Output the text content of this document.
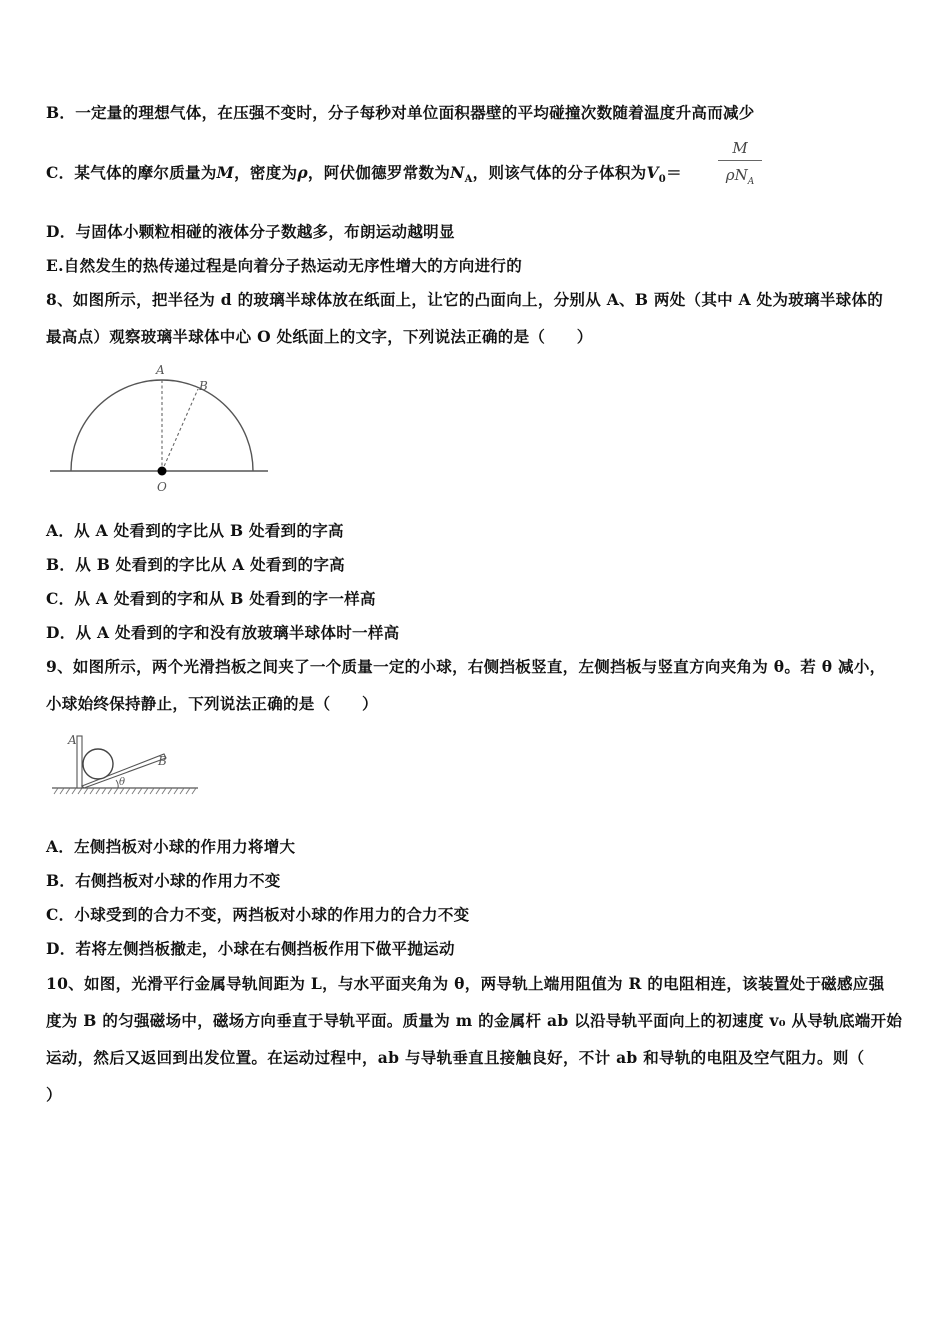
B．一定量的理想气体，在压强不变时，分子每秒对单位面积器壁的平均碰撞次数随着温度升高而减少
C．某气体的摩尔质量为M，密度为ρ，阿伏伽德罗常数为$N_A$，则该气体的分子体积为$V_0=$
M
$\rho N_A$
D．与固体小颗粒相碰的液体分子数越多，布朗运动越明显
E.自然发生的热传递过程是向着分子热运动无序性增大的方向进行的
8、如图所示，把半径为 d 的玻璃半球体放在纸面上，让它的凸面向上，分别从 A、B 两处（其中 A 处为玻璃半球体的
最高点）观察玻璃半球体中心 O 处纸面上的文字，下列说法正确的是（　　）
A
B
O
A．从 A 处看到的字比从 B 处看到的字高
B．从 B 处看到的字比从 A 处看到的字高
C．从 A 处看到的字和从 B 处看到的字一样高
D．从 A 处看到的字和没有放玻璃半球体时一样高
9、如图所示，两个光滑挡板之间夹了一个质量一定的小球，右侧挡板竖直，左侧挡板与竖直方向夹角为 θ。若 θ 减小，
小球始终保持静止，下列说法正确的是（　　）
A
B
θ
A．左侧挡板对小球的作用力将增大
B．右侧挡板对小球的作用力不变
C．小球受到的合力不变，两挡板对小球的作用力的合力不变
D．若将左侧挡板撤走，小球在右侧挡板作用下做平抛运动
10、如图，光滑平行金属导轨间距为 L，与水平面夹角为 θ，两导轨上端用阻值为 R 的电阻相连，该装置处于磁感应强
度为 B 的匀强磁场中，磁场方向垂直于导轨平面。质量为 m 的金属杆 ab 以沿导轨平面向上的初速度 v₀ 从导轨底端开始
运动，然后又返回到出发位置。在运动过程中，ab 与导轨垂直且接触良好，不计 ab 和导轨的电阻及空气阻力。则（
）
